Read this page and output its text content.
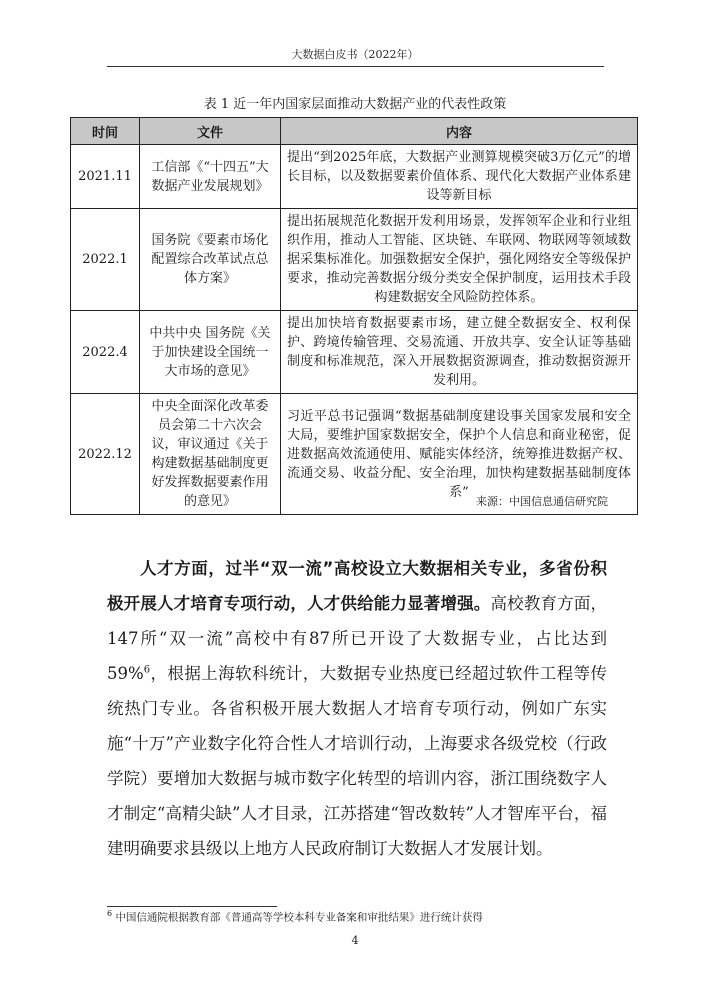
大数据白皮书（2022年）
表 1 近一年内国家层面推动大数据产业的代表性政策
时间	文件	内容
2021.11	工信部《“十四五”大数据产业发展规划》	提出“到2025年底，大数据产业测算规模突破3万亿元”的增长目标，以及数据要素价值体系、现代化大数据产业体系建设等新目标
2022.1	国务院《要素市场化配置综合改革试点总体方案》	提出拓展规范化数据开发利用场景，发挥领军企业和行业组织作用，推动人工智能、区块链、车联网、物联网等领域数据采集标准化。加强数据安全保护，强化网络安全等级保护要求，推动完善数据分级分类安全保护制度，运用技术手段构建数据安全风险防控体系。
2022.4	中共中央 国务院《关于加快建设全国统一大市场的意见》	提出加快培育数据要素市场，建立健全数据安全、权利保护、跨境传输管理、交易流通、开放共享、安全认证等基础制度和标准规范，深入开展数据资源调查，推动数据资源开发利用。
2022.12	中央全面深化改革委员会第二十六次会议，审议通过《关于构建数据基础制度更好发挥数据要素作用的意见》	习近平总书记强调“数据基础制度建设事关国家发展和安全大局，要维护国家数据安全，保护个人信息和商业秘密，促进数据高效流通使用、赋能实体经济，统筹推进数据产权、流通交易、收益分配、安全治理，加快构建数据基础制度体系”
来源：中国信息通信研究院

人才方面，过半“双一流”高校设立大数据相关专业，多省份积极开展人才培育专项行动，人才供给能力显著增强。高校教育方面，147所“双一流”高校中有87所已开设了大数据专业，占比达到59%$^6$，根据上海软科统计，大数据专业热度已经超过软件工程等传统热门专业。各省积极开展大数据人才培育专项行动，例如广东实施“十万”产业数字化符合性人才培训行动，上海要求各级党校（行政学院）要增加大数据与城市数字化转型的培训内容，浙江围绕数字人才制定“高精尖缺”人才目录，江苏搭建“智改数转”人才智库平台，福建明确要求县级以上地方人民政府制订大数据人才发展计划。

$^6$ 中国信通院根据教育部《普通高等学校本科专业备案和审批结果》进行统计获得
4
